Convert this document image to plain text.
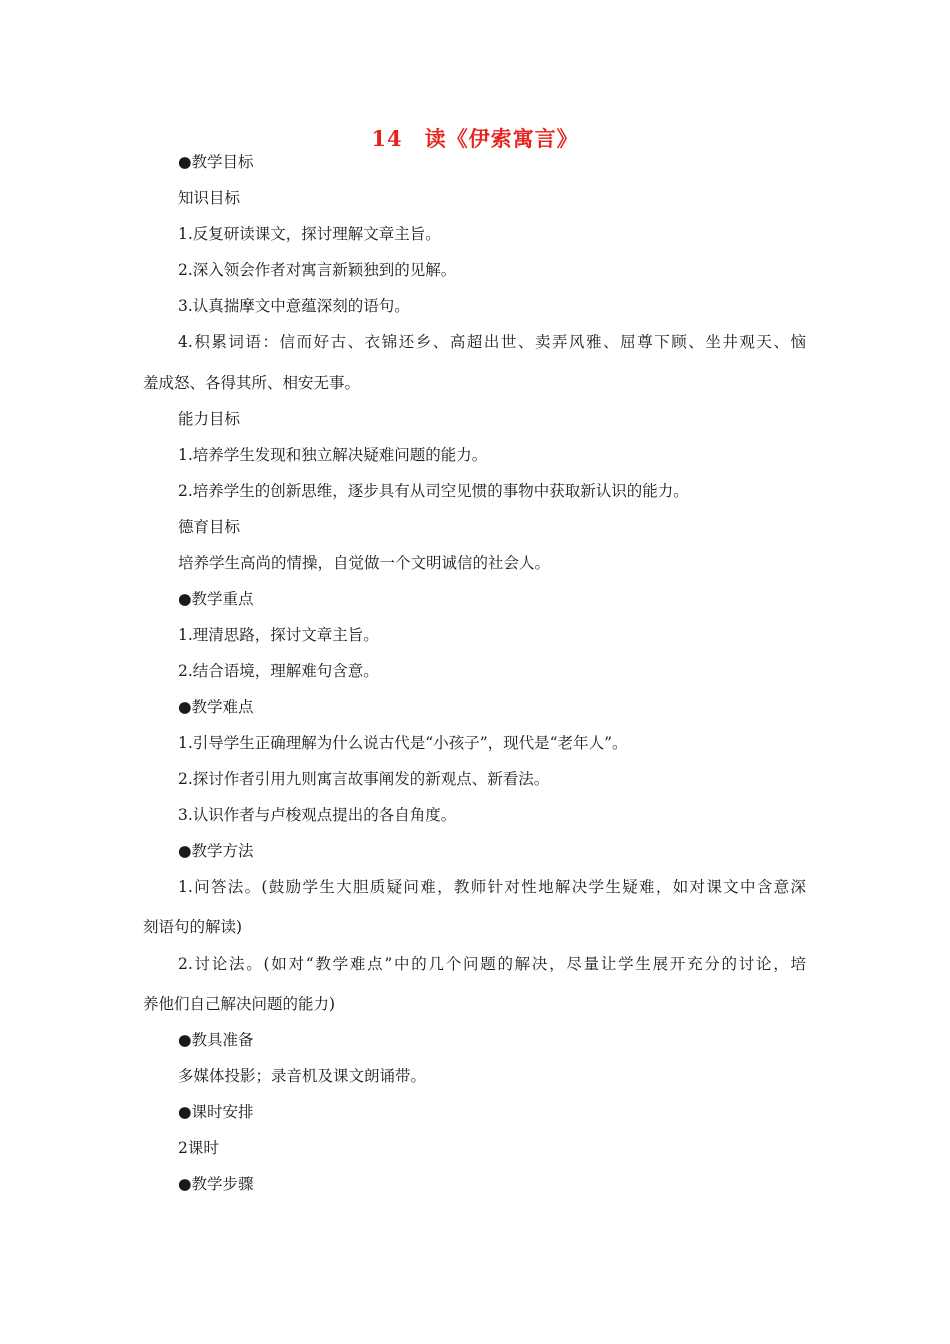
14　读《伊索寓言》
●教学目标
知识目标
1.反复研读课文，探讨理解文章主旨。
2.深入领会作者对寓言新颖独到的见解。
3.认真揣摩文中意蕴深刻的语句。
4.积累词语：信而好古、衣锦还乡、高超出世、卖弄风雅、屈尊下顾、坐井观天、恼
羞成怒、各得其所、相安无事。
能力目标
1.培养学生发现和独立解决疑难问题的能力。
2.培养学生的创新思维，逐步具有从司空见惯的事物中获取新认识的能力。
德育目标
培养学生高尚的情操，自觉做一个文明诚信的社会人。
●教学重点
1.理清思路，探讨文章主旨。
2.结合语境，理解难句含意。
●教学难点
1.引导学生正确理解为什么说古代是“小孩子”，现代是“老年人”。
2.探讨作者引用九则寓言故事阐发的新观点、新看法。
3.认识作者与卢梭观点提出的各自角度。
●教学方法
1.问答法。(鼓励学生大胆质疑问难，教师针对性地解决学生疑难，如对课文中含意深
刻语句的解读)
2.讨论法。(如对“教学难点”中的几个问题的解决，尽量让学生展开充分的讨论，培
养他们自己解决问题的能力)
●教具准备
多媒体投影；录音机及课文朗诵带。
●课时安排
2课时
●教学步骤
